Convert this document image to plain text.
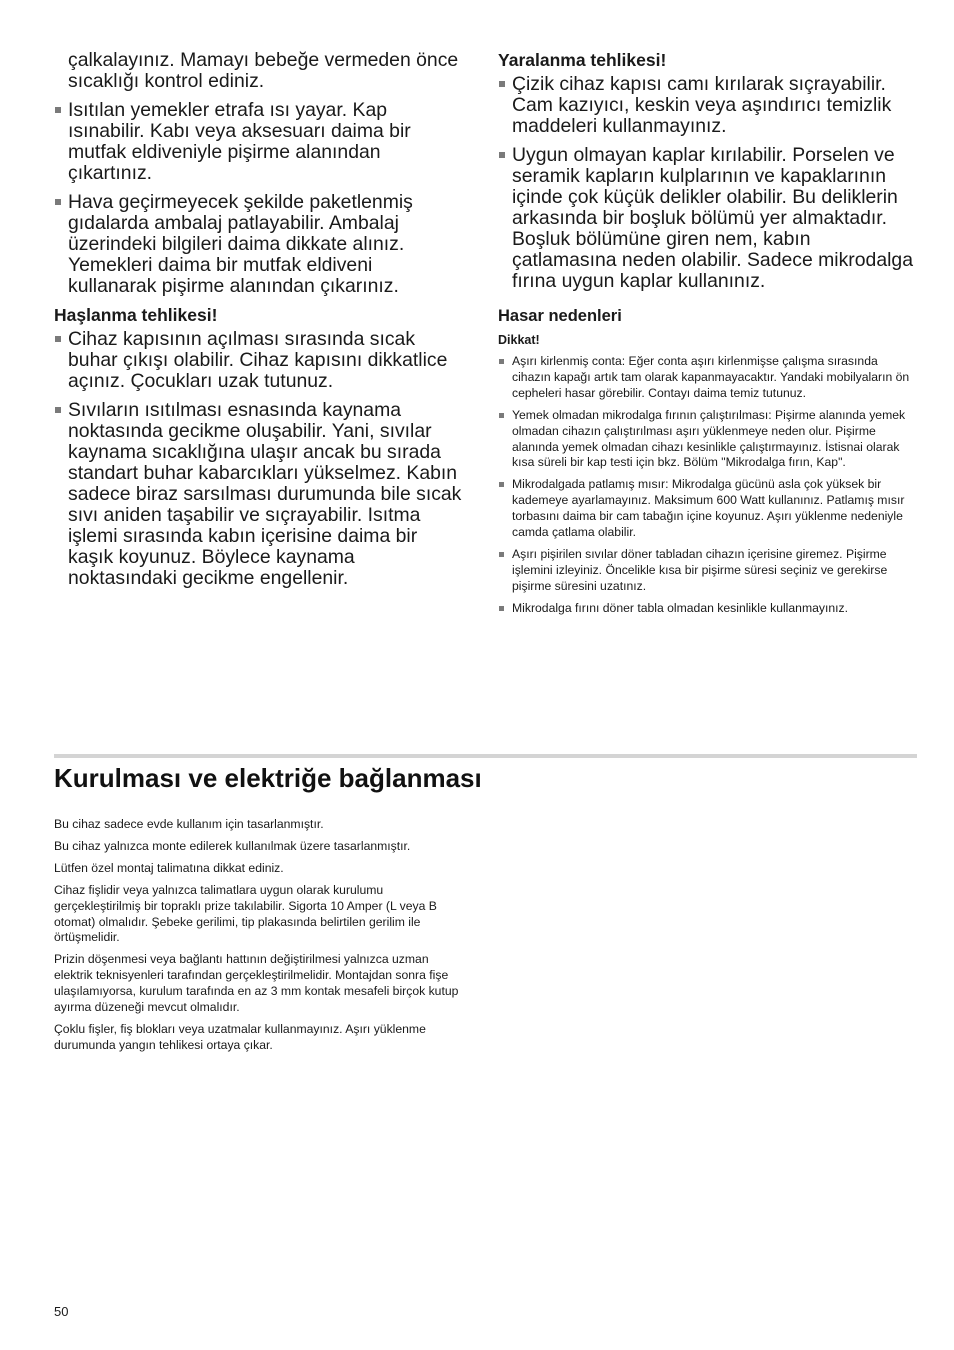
çalkalayınız. Mamayı bebeğe vermeden önce sıcaklığı kontrol ediniz.

Isıtılan yemekler etrafa ısı yayar. Kap ısınabilir. Kabı veya aksesuarı daima bir mutfak eldiveniyle pişirme alanından çıkartınız.
Hava geçirmeyecek şekilde paketlenmiş gıdalarda ambalaj patlayabilir. Ambalaj üzerindeki bilgileri daima dikkate alınız. Yemekleri daima bir mutfak eldiveni kullanarak pişirme alanından çıkarınız.
Haşlanma tehlikesi!
Cihaz kapısının açılması sırasında sıcak buhar çıkışı olabilir. Cihaz kapısını dikkatlice açınız. Çocukları uzak tutunuz.
Sıvıların ısıtılması esnasında kaynama noktasında gecikme oluşabilir. Yani, sıvılar kaynama sıcaklığına ulaşır ancak bu sırada standart buhar kabarcıkları yükselmez. Kabın sadece biraz sarsılması durumunda bile sıcak sıvı aniden taşabilir ve sıçrayabilir. Isıtma işlemi sırasında kabın içerisine daima bir kaşık koyunuz. Böylece kaynama noktasındaki gecikme engellenir.
Yaralanma tehlikesi!
Çizik cihaz kapısı camı kırılarak sıçrayabilir. Cam kazıyıcı, keskin veya aşındırıcı temizlik maddeleri kullanmayınız.
Uygun olmayan kaplar kırılabilir. Porselen ve seramik kapların kulplarının ve kapaklarının içinde çok küçük delikler olabilir. Bu deliklerin arkasında bir boşluk bölümü yer almaktadır. Boşluk bölümüne giren nem, kabın çatlamasına neden olabilir. Sadece mikrodalga fırına uygun kaplar kullanınız.
Hasar nedenleri
Dikkat!
Aşırı kirlenmiş conta: Eğer conta aşırı kirlenmişse çalışma sırasında cihazın kapağı artık tam olarak kapanmayacaktır. Yandaki mobilyaların ön cepheleri hasar görebilir. Contayı daima temiz tutunuz.
Yemek olmadan mikrodalga fırının çalıştırılması: Pişirme alanında yemek olmadan cihazın çalıştırılması aşırı yüklenmeye neden olur. Pişirme alanında yemek olmadan cihazı kesinlikle çalıştırmayınız. İstisnai olarak kısa süreli bir kap testi için bkz. Bölüm "Mikrodalga fırın, Kap".
Mikrodalgada patlamış mısır: Mikrodalga gücünü asla çok yüksek bir kademeye ayarlamayınız. Maksimum 600 Watt kullanınız. Patlamış mısır torbasını daima bir cam tabağın içine koyunuz. Aşırı yüklenme nedeniyle camda çatlama olabilir.
Aşırı pişirilen sıvılar döner tabladan cihazın içerisine giremez. Pişirme işlemini izleyiniz. Öncelikle kısa bir pişirme süresi seçiniz ve gerekirse pişirme süresini uzatınız.
Mikrodalga fırını döner tabla olmadan kesinlikle kullanmayınız.
Kurulması ve elektriğe bağlanması

Bu cihaz sadece evde kullanım için tasarlanmıştır.

Bu cihaz yalnızca monte edilerek kullanılmak üzere tasarlanmıştır.

Lütfen özel montaj talimatına dikkat ediniz.

Cihaz fişlidir veya yalnızca talimatlara uygun olarak kurulumu gerçekleştirilmiş bir topraklı prize takılabilir. Sigorta 10 Amper (L veya B otomat) olmalıdır. Şebeke gerilimi, tip plakasında belirtilen gerilim ile örtüşmelidir.

Prizin döşenmesi veya bağlantı hattının değiştirilmesi yalnızca uzman elektrik teknisyenleri tarafından gerçekleştirilmelidir. Montajdan sonra fişe ulaşılamıyorsa, kurulum tarafında en az 3 mm kontak mesafeli birçok kutup ayırma düzeneği mevcut olmalıdır.

Çoklu fişler, fiş blokları veya uzatmalar kullanmayınız. Aşırı yüklenme durumunda yangın tehlikesi ortaya çıkar.

50
